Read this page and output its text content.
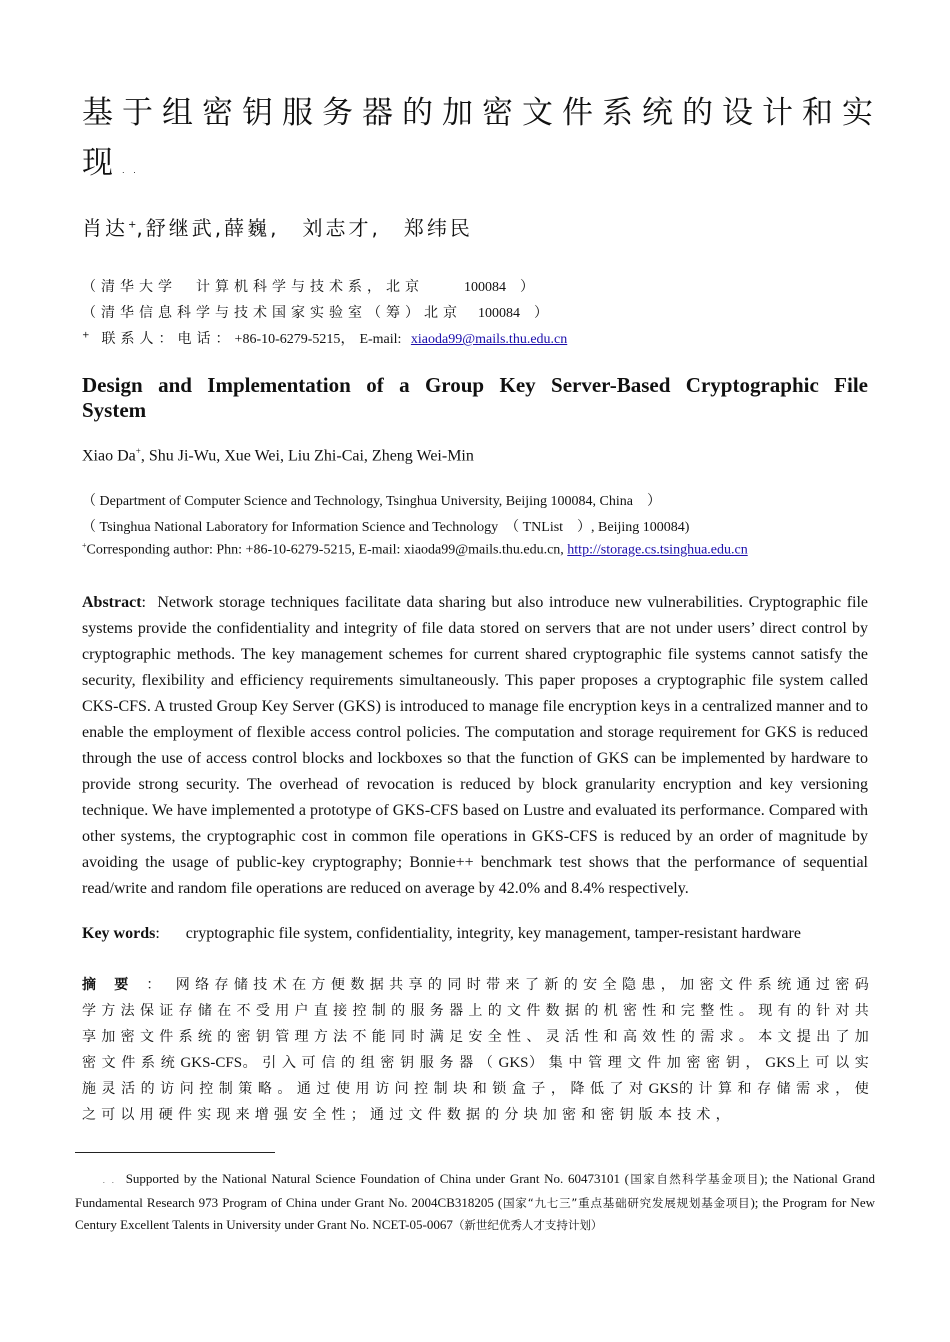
基于组密钥服务器的加密文件系统的设计和实现. .
肖达+,舒继武,薛巍,　刘志才,　郑纬民
（清华大学　计算机科学与技术系，北京	100084 ）
（清华信息科学与技术国家实验室（筹）北京 100084 ）
+ 联系人：电话：+86-10-6279-5215，E-mail: xiaoda99@mails.thu.edu.cn
Design and Implementation of a Group Key Server-Based Cryptographic File
System
Xiao Da+, Shu Ji-Wu, Xue Wei, Liu Zhi-Cai, Zheng Wei-Min
（ Department of Computer Science and Technology, Tsinghua University, Beijing 100084, China　）
（ Tsinghua National Laboratory for Information Science and Technology　（ TNList　）, Beijing 100084)
+Corresponding author: Phn: +86-10-6279-5215, E-mail: xiaoda99@mails.thu.edu.cn, http://storage.cs.tsinghua.edu.cn

Abstract: Network storage techniques facilitate data sharing but also introduce new vulnerabilities. Cryptographic file systems provide the confidentiality and integrity of file data stored on servers that are not under users’ direct control by cryptographic methods. The key management schemes for current shared cryptographic file systems cannot satisfy the security, flexibility and efficiency requirements simultaneously. This paper proposes a cryptographic file system called CKS-CFS. A trusted Group Key Server (GKS) is introduced to manage file encryption keys in a centralized manner and to enable the employment of flexible access control policies. The computation and storage requirement for GKS is reduced through the use of access control blocks and lockboxes so that the function of GKS can be implemented by hardware to provide strong security. The overhead of revocation is reduced by block granularity encryption and key versioning technique. We have implemented a prototype of GKS-CFS based on Lustre and evaluated its performance. Compared with other systems, the cryptographic cost in common file operations in GKS-CFS is reduced by an order of magnitude by avoiding the usage of public-key cryptography; Bonnie++ benchmark test shows that the performance of sequential read/write and random file operations are reduced on average by 42.0% and 8.4% respectively.

Key words: cryptographic file system, confidentiality, integrity, key management, tamper-resistant hardware

摘要： 网络存储技术在方便数据共享的同时带来了新的安全隐患，加密文件系统通过密码学方法保证存储在不受用户直接控制的服务器上的文件数据的机密性和完整性。现有的针对共享加密文件系统的密钥管理方法不能同时满足安全性、灵活性和高效性的需求。本文提出了加密文件系统GKS-CFS。引入可信的组密钥服务器（GKS）集中管理文件加密密钥，GKS上可以实施灵活的访问控制策略。通过使用访问控制块和锁盒子，降低了对GKS的计算和存储需求，使之可以用硬件实现来增强安全性；通过文件数据的分块加密和密钥版本技术，

. . Supported by the National Natural Science Foundation of China under Grant No. 60473101 (国家自然科学基金项目); the National Grand Fundamental Research 973 Program of China under Grant No. 2004CB318205 (国家“九七三”重点基础研究发展规划基金项目); the Program for New Century Excellent Talents in University under Grant No. NCET-05-0067（新世纪优秀人才支持计划）
